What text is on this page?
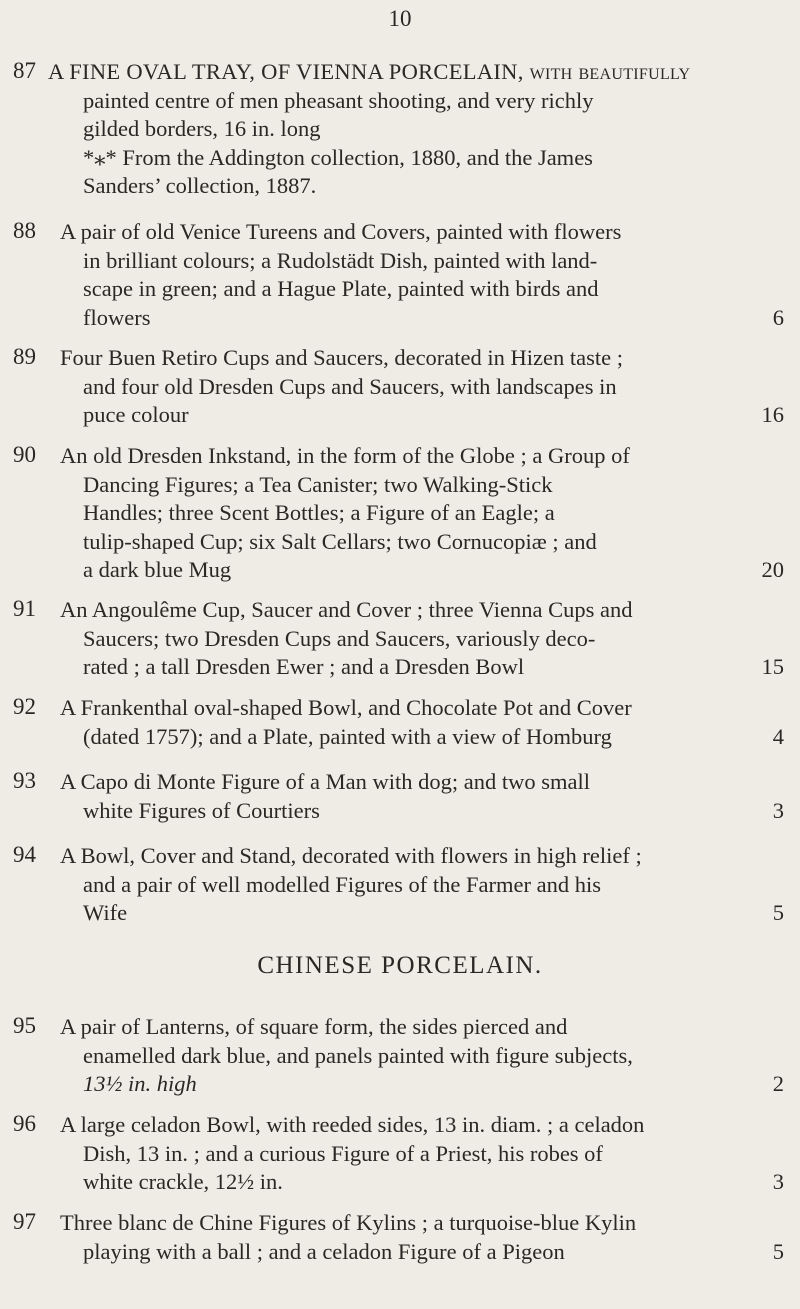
10
87 A FINE OVAL TRAY, OF VIENNA PORCELAIN, with beautifully
painted centre of men pheasant shooting, and very richly
gilded borders, 16 in. long
*⁎* From the Addington collection, 1880, and the James
Sanders’ collection, 1887.
88	A pair of old Venice Tureens and Covers, painted with flowers
in brilliant colours; a Rudolstädt Dish, painted with land-
scape in green; and a Hague Plate, painted with birds and
flowers	6
89	Four Buen Retiro Cups and Saucers, decorated in Hizen taste ;
and four old Dresden Cups and Saucers, with landscapes in
puce colour	16
90	An old Dresden Inkstand, in the form of the Globe ; a Group of
Dancing Figures; a Tea Canister; two Walking-Stick
Handles; three Scent Bottles; a Figure of an Eagle; a
tulip-shaped Cup; six Salt Cellars; two Cornucopiæ ; and
a dark blue Mug	20
91	An Angoulême Cup, Saucer and Cover ; three Vienna Cups and
Saucers; two Dresden Cups and Saucers, variously deco-
rated ; a tall Dresden Ewer ; and a Dresden Bowl	15
92	A Frankenthal oval-shaped Bowl, and Chocolate Pot and Cover
(dated 1757); and a Plate, painted with a view of Homburg	4
93	A Capo di Monte Figure of a Man with dog; and two small
white Figures of Courtiers	3
94	A Bowl, Cover and Stand, decorated with flowers in high relief ;
and a pair of well modelled Figures of the Farmer and his
Wife	5
CHINESE PORCELAIN.
95	A pair of Lanterns, of square form, the sides pierced and
enamelled dark blue, and panels painted with figure subjects,
13½ in. high	2
96	A large celadon Bowl, with reeded sides, 13 in. diam. ; a celadon
Dish, 13 in. ; and a curious Figure of a Priest, his robes of
white crackle, 12½ in.	3
97	Three blanc de Chine Figures of Kylins ; a turquoise-blue Kylin
playing with a ball ; and a celadon Figure of a Pigeon	5
